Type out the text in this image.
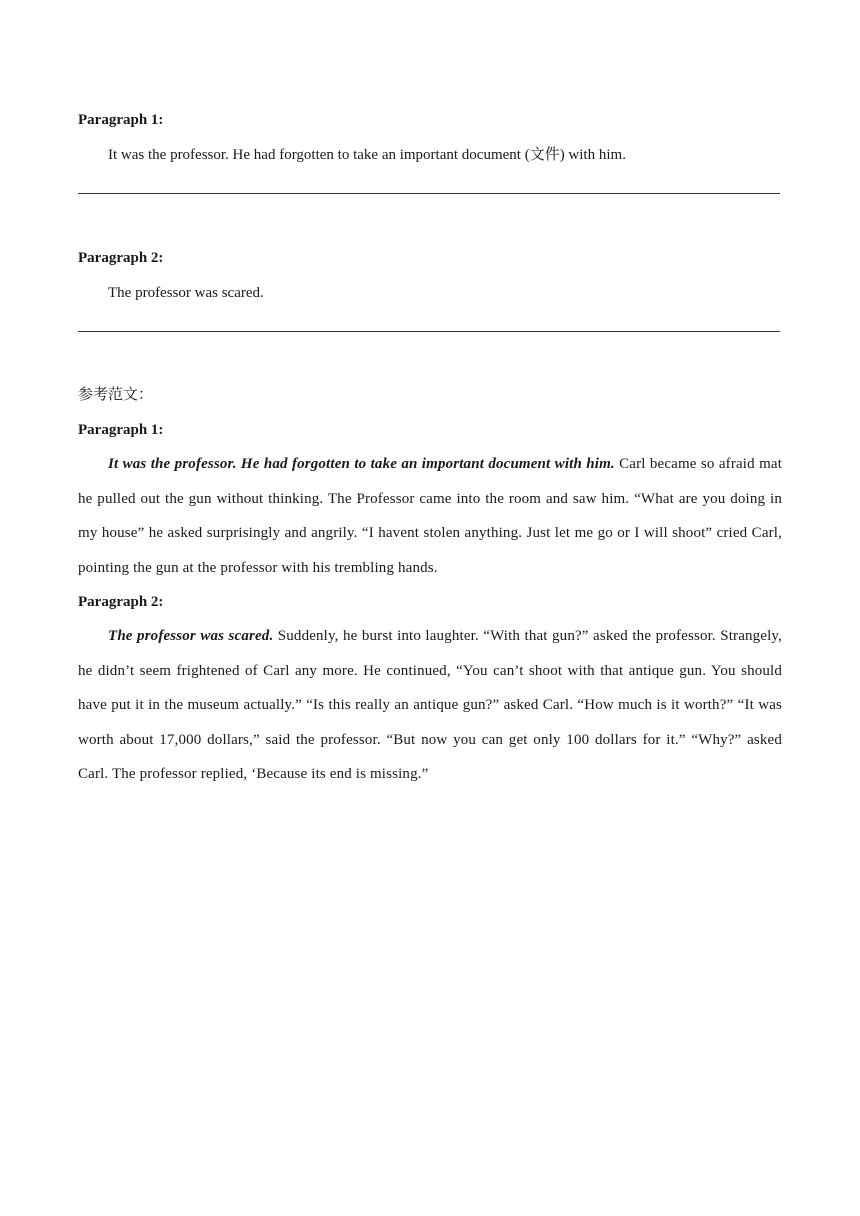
Paragraph 1:

It was the professor. He had forgotten to take an important document (文件) with him.

Paragraph 2:

The professor was scared.

参考范文：

Paragraph 1:

It was the professor. He had forgotten to take an important document with him. Carl became so afraid mat he pulled out the gun without thinking. The Professor came into the room and saw him. “What are you doing in my house” he asked surprisingly and angrily. “I havent stolen anything. Just let me go or I will shoot” cried Carl, pointing the gun at the professor with his trembling hands.

Paragraph 2:

The professor was scared. Suddenly, he burst into laughter. “With that gun?” asked the professor. Strangely, he didn’t seem frightened of Carl any more. He continued, “You can’t shoot with that antique gun. You should have put it in the museum actually.” “Is this really an antique gun?” asked Carl. “How much is it worth?” “It was worth about 17,000 dollars,” said the professor. “But now you can get only 100 dollars for it.” “Why?” asked Carl. The professor replied, ‘Because its end is missing.”
